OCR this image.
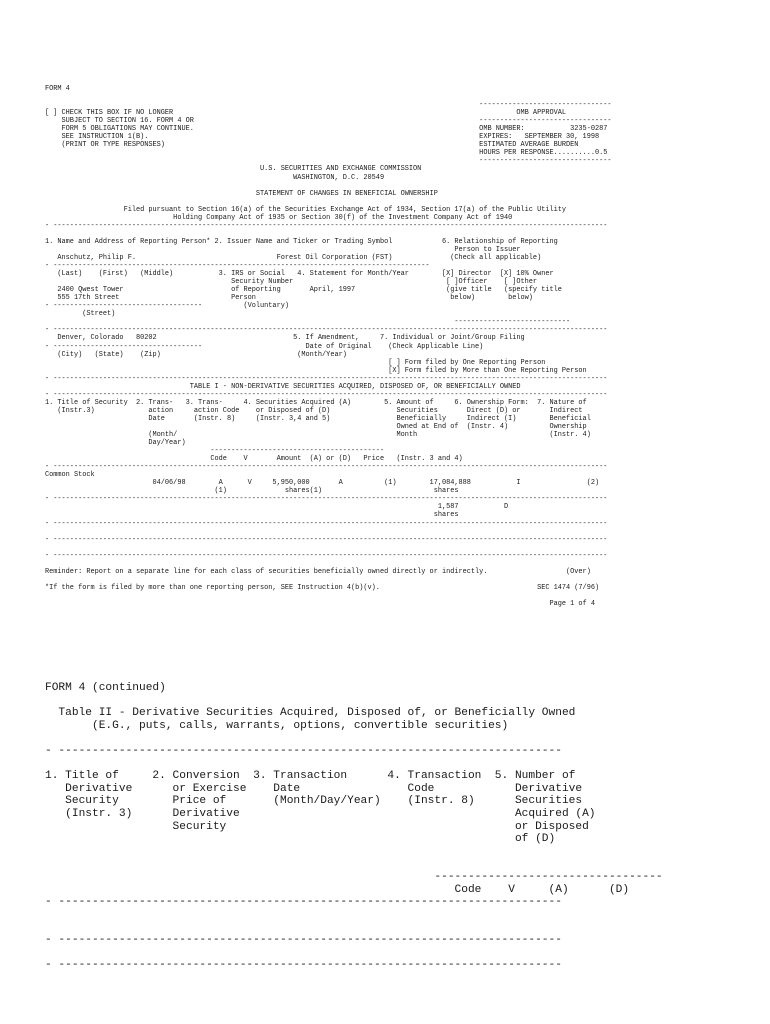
FORM 4

--------------------------------
[ ] CHECK THIS BOX IF NO LONGER                                                                                   OMB APPROVAL
SUBJECT TO SECTION 16. FORM 4 OR                                                                     --------------------------------
FORM 5 OBLIGATIONS MAY CONTINUE.                                                                     OMB NUMBER:           3235-0287
SEE INSTRUCTION 1(B).                                                                                EXPIRES:   SEPTEMBER 30, 1998
(PRINT OR TYPE RESPONSES)                                                                            ESTIMATED AVERAGE BURDEN
HOURS PER RESPONSE..........0.5
--------------------------------
U.S. SECURITIES AND EXCHANGE COMMISSION
WASHINGTON, D.C. 20549

STATEMENT OF CHANGES IN BENEFICIAL OWNERSHIP

Filed pursuant to Section 16(a) of the Securities Exchange Act of 1934, Section 17(a) of the Public Utility
Holding Company Act of 1935 or Section 30(f) of the Investment Company Act of 1940
- --------------------------------------------------------------------------------------------------------------------------------------

1. Name and Address of Reporting Person* 2. Issuer Name and Ticker or Trading Symbol            6. Relationship of Reporting
Person to Issuer
Anschutz, Philip F.                                  Forest Oil Corporation (FST)              (Check all applicable)
- -------------------------------------------------------------------------------------------
(Last)    (First)   (Middle)           3. IRS or Social   4. Statement for Month/Year        [X] Director  [X] 10% Owner
Security Number                                     [ ]Officer    [ ]Other
2400 Qwest Tower                          of Reporting       April, 1997                      (give title   (specify title
555 17th Street                           Person                                               below)        below)
- ------------------------------------          (Voluntary)
(Street)
----------------------------
- --------------------------------------------------------------------------------------------------------------------------------------
Denver, Colorado   80202                                 5. If Amendment,     7. Individual or Joint/Group Filing
- ------------------------------------                         Date of Original    (Check Applicable Line)
(City)   (State)    (Zip)                                 (Month/Year)
[ ] Form filed by One Reporting Person
[X] Form filed by More than One Reporting Person
- --------------------------------------------------------------------------------------------------------------------------------------
TABLE I - NON-DERIVATIVE SECURITIES ACQUIRED, DISPOSED OF, OR BENEFICIALLY OWNED
- --------------------------------------------------------------------------------------------------------------------------------------
1. Title of Security  2. Trans-   3. Trans-     4. Securities Acquired (A)        5. Amount of     6. Ownership Form:  7. Nature of
(Instr.3)             action     action Code    or Disposed of (D)                Securities       Direct (D) or       Indirect
Date       (Instr. 8)     (Instr. 3,4 and 5)                Beneficially     Indirect (I)        Beneficial
Owned at End of  (Instr. 4)          Ownership
(Month/                                                     Month                                (Instr. 4)
Day/Year)
------------------------------------------
Code    V       Amount  (A) or (D)   Price   (Instr. 3 and 4)
- --------------------------------------------------------------------------------------------------------------------------------------
Common Stock
04/06/98        A      V     5,950,000       A          (1)        17,084,888           I                (2)
(1)              shares(1)                           shares
- --------------------------------------------------------------------------------------------------------------------------------------
1,587           D
shares
- --------------------------------------------------------------------------------------------------------------------------------------

- --------------------------------------------------------------------------------------------------------------------------------------

- --------------------------------------------------------------------------------------------------------------------------------------

Reminder: Report on a separate line for each class of securities beneficially owned directly or indirectly.                   (Over)

*If the form is filed by more than one reporting person, SEE Instruction 4(b)(v).                                      SEC 1474 (7/96)

Page 1 of 4
FORM 4 (continued)

Table II - Derivative Securities Acquired, Disposed of, or Beneficially Owned
(E.G., puts, calls, warrants, options, convertible securities)

- ---------------------------------------------------------------------------

1. Title of     2. Conversion  3. Transaction      4. Transaction  5. Number of
Derivative      or Exercise    Date                Code            Derivative
Security        Price of       (Month/Day/Year)    (Instr. 8)      Securities
(Instr. 3)      Derivative                                         Acquired (A)
Security                                           or Disposed
of (D)

----------------------------------
Code    V     (A)      (D)
- ---------------------------------------------------------------------------

- ---------------------------------------------------------------------------

- ---------------------------------------------------------------------------
